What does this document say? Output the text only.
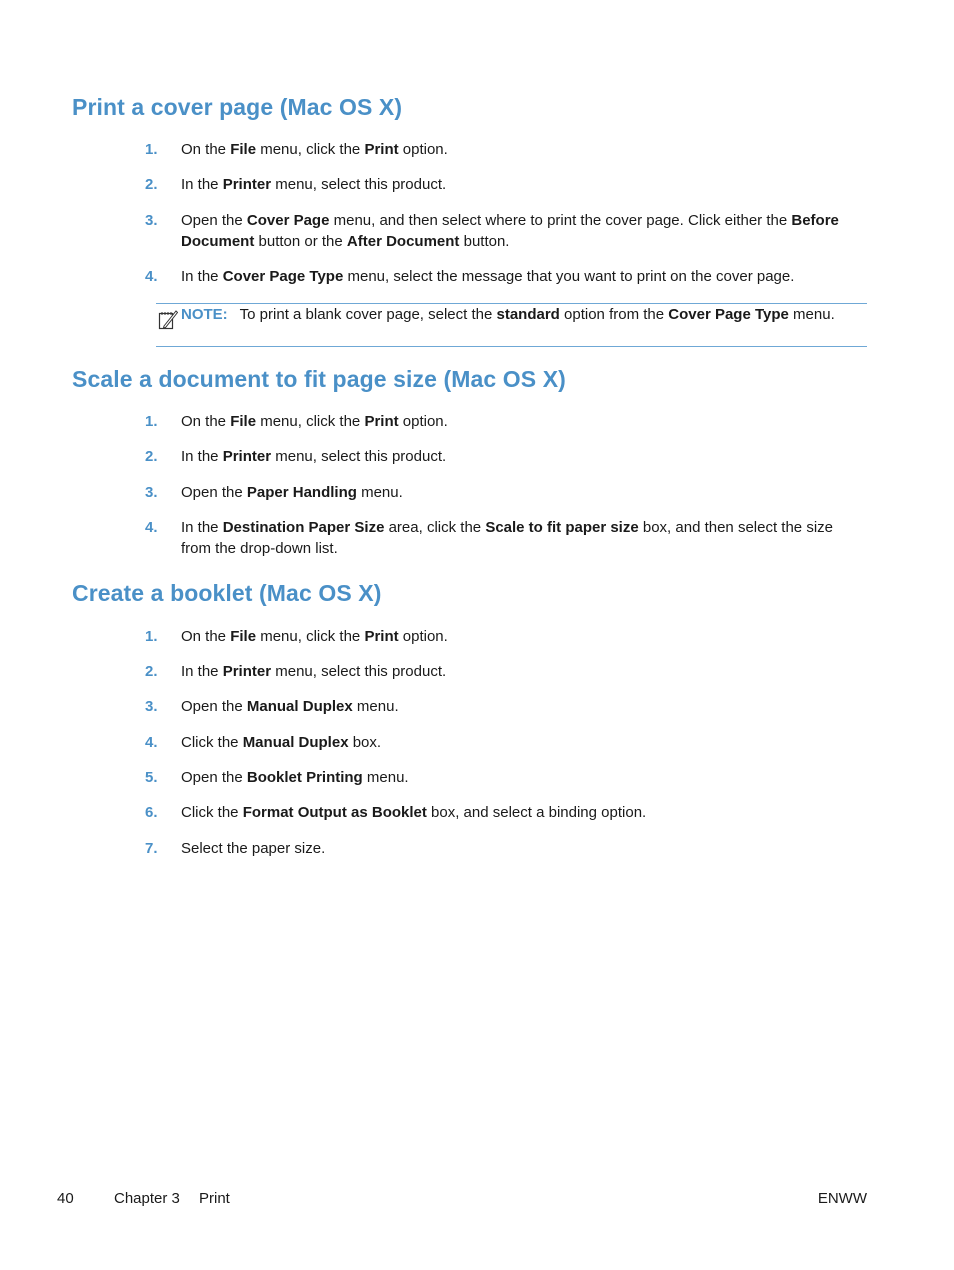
Print a cover page (Mac OS X)
1.	On the File menu, click the Print option.
2.	In the Printer menu, select this product.
3.	Open the Cover Page menu, and then select where to print the cover page. Click either the Before Document button or the After Document button.
4.	In the Cover Page Type menu, select the message that you want to print on the cover page.
NOTE: To print a blank cover page, select the standard option from the Cover Page Type menu.
Scale a document to fit page size (Mac OS X)
1.	On the File menu, click the Print option.
2.	In the Printer menu, select this product.
3.	Open the Paper Handling menu.
4.	In the Destination Paper Size area, click the Scale to fit paper size box, and then select the size from the drop-down list.
Create a booklet (Mac OS X)
1.	On the File menu, click the Print option.
2.	In the Printer menu, select this product.
3.	Open the Manual Duplex menu.
4.	Click the Manual Duplex box.
5.	Open the Booklet Printing menu.
6.	Click the Format Output as Booklet box, and select a binding option.
7.	Select the paper size.
40	Chapter 3 Print	ENWW
